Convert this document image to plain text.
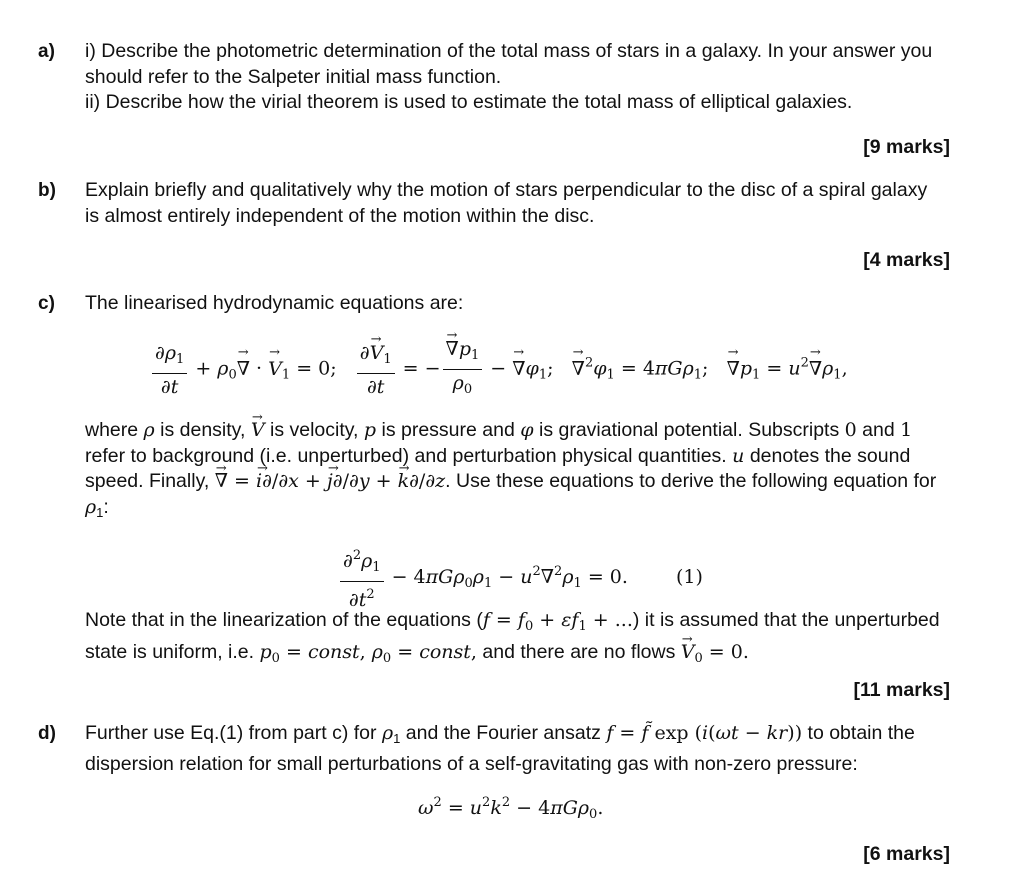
a) i) Describe the photometric determination of the total mass of stars in a galaxy. In your answer you should refer to the Salpeter initial mass function.
ii) Describe how the virial theorem is used to estimate the total mass of elliptical galaxies.
[9 marks]
b) Explain briefly and qualitatively why the motion of stars perpendicular to the disc of a spiral galaxy is almost entirely independent of the motion within the disc.
[4 marks]
c) The linearised hydrodynamic equations are:
$\frac{\partial\rho_1}{\partial t} + \rho_0\to$ ∇ · → $V_1 = 0$; $\frac{\partial\to V_1}{\partial t}$ = − → $\frac{\nabla p_1}{\rho_0}$ − → $\nabla\varphi_1$;   → $\nabla^2\varphi_1 = 4\pi G\rho_1$;   → $\nabla p_1 = u^2\to \nabla\rho_1$,
where ρ is density, → V is velocity, p is pressure and φ is graviational potential. Subscripts 0 and 1 refer to background (i.e. unperturbed) and perturbation physical quantities. u denotes the sound speed. Finally, → ∇ = → i∂/∂x + → j∂/∂y + → k∂/∂z. Use these equations to derive the following equation for $\rho_1$:
$\frac{\partial^2\rho_1}{\partial t^2} - 4\pi G\rho_0\rho_1 - u^2\nabla^2\rho_1 = 0$.  (1)
Note that in the linearization of the equations ($f = f_0 + \varepsilon f_1$ + ...) it is assumed that the unperturbed state is uniform, i.e. $p_0$ = const, $\rho_0$ = const, and there are no flows → $V_0 = 0$.
[11 marks]
d) Further use Eq.(1) from part c) for $\rho_1$ and the Fourier ansatz f = f̃ exp (i(ωt − kr)) to obtain the dispersion relation for small perturbations of a self-gravitating gas with non-zero pressure:
$\omega^2 = u^2k^2 - 4\pi G\rho_0$.
[6 marks]
